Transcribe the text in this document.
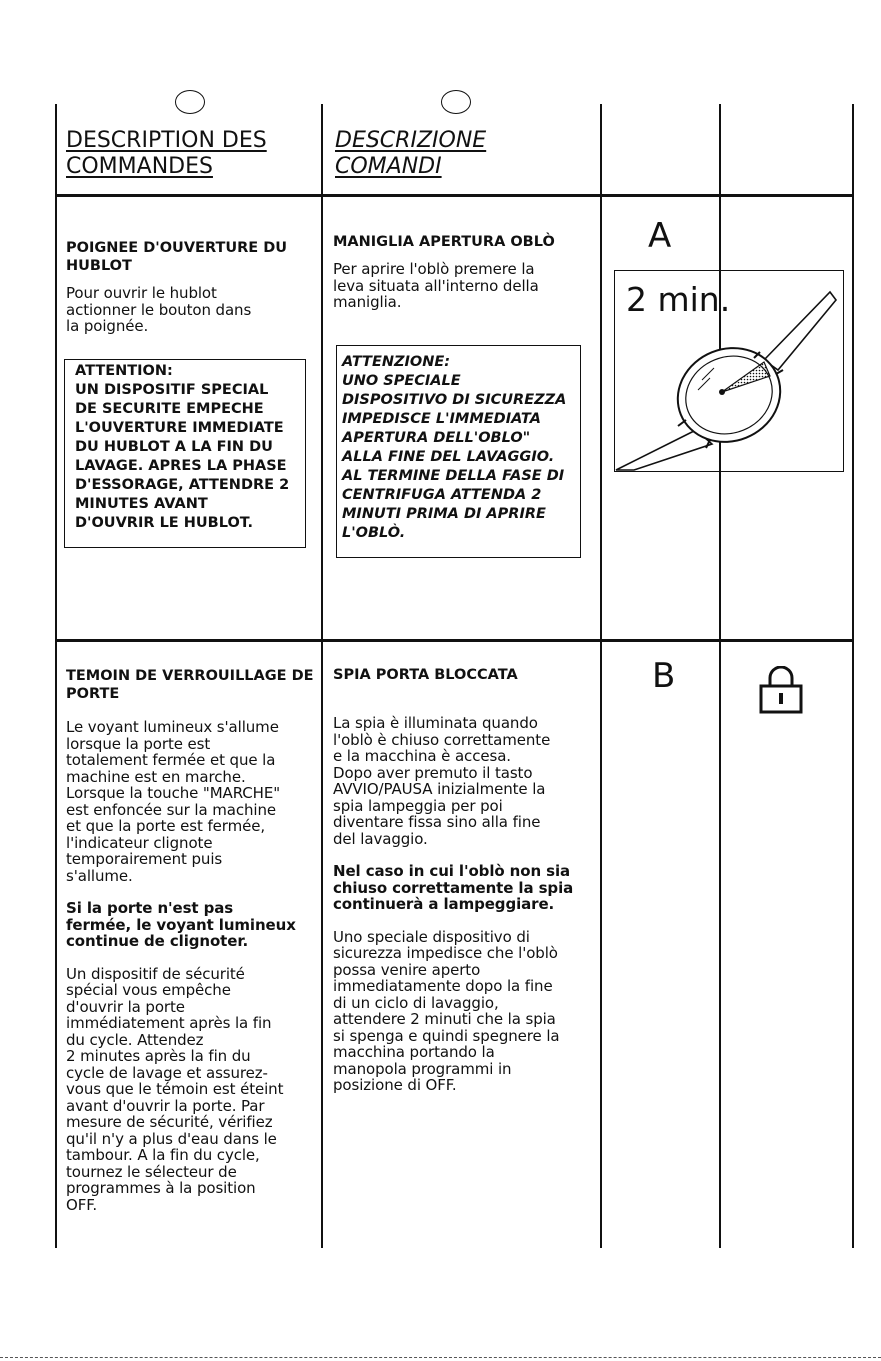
DESCRIPTION DES
COMMANDES
DESCRIZIONE
COMANDI
POIGNEE D'OUVERTURE DU
HUBLOT
Pour ouvrir le hublot
actionner le bouton dans
la poignée.
ATTENTION:
UN DISPOSITIF SPECIAL
DE SECURITE EMPECHE
L'OUVERTURE IMMEDIATE
DU HUBLOT A LA FIN DU
LAVAGE. APRES LA PHASE
D'ESSORAGE, ATTENDRE 2
MINUTES AVANT
D'OUVRIR LE HUBLOT.
MANIGLIA APERTURA OBLÒ
Per aprire l'oblò premere la
leva situata all'interno della
maniglia.
ATTENZIONE:
UNO SPECIALE
DISPOSITIVO DI SICUREZZA
IMPEDISCE L'IMMEDIATA
APERTURA DELL'OBLO"
ALLA FINE DEL LAVAGGIO.
AL TERMINE DELLA FASE DI
CENTRIFUGA ATTENDA 2
MINUTI PRIMA DI APRIRE
L'OBLÒ.
A
2 min.
TEMOIN DE VERROUILLAGE DE
PORTE

Le voyant lumineux s'allume
lorsque la porte est
totalement fermée et que la
machine est en marche.
Lorsque la touche "MARCHE"
est enfoncée sur la machine
et que la porte est fermée,
l'indicateur clignote
temporairement puis
s'allume.

Si la porte n'est pas
fermée, le voyant lumineux
continue de clignoter.

Un dispositif de sécurité
spécial vous empêche
d'ouvrir la porte
immédiatement après la fin
du cycle. Attendez
2 minutes après la fin du
cycle de lavage et assurez-
vous que le témoin est éteint
avant d'ouvrir la porte. Par
mesure de sécurité, vérifiez
qu'il n'y a plus d'eau dans le
tambour. A la fin du cycle,
tournez le sélecteur de
programmes à la position
OFF.

SPIA PORTA BLOCCATA

La spia è illuminata quando
l'oblò è chiuso correttamente
e la macchina è accesa.
Dopo aver premuto il tasto
AVVIO/PAUSA inizialmente la
spia lampeggia per poi
diventare fissa sino alla fine
del lavaggio.

Nel caso in cui l'oblò non sia
chiuso correttamente la spia
continuerà a lampeggiare.

Uno speciale dispositivo di
sicurezza impedisce che l'oblò
possa venire aperto
immediatamente dopo la fine
di un ciclo di lavaggio,
attendere 2 minuti che la spia
si spenga e quindi spegnere la
macchina portando la
manopola programmi in
posizione di OFF.

B
